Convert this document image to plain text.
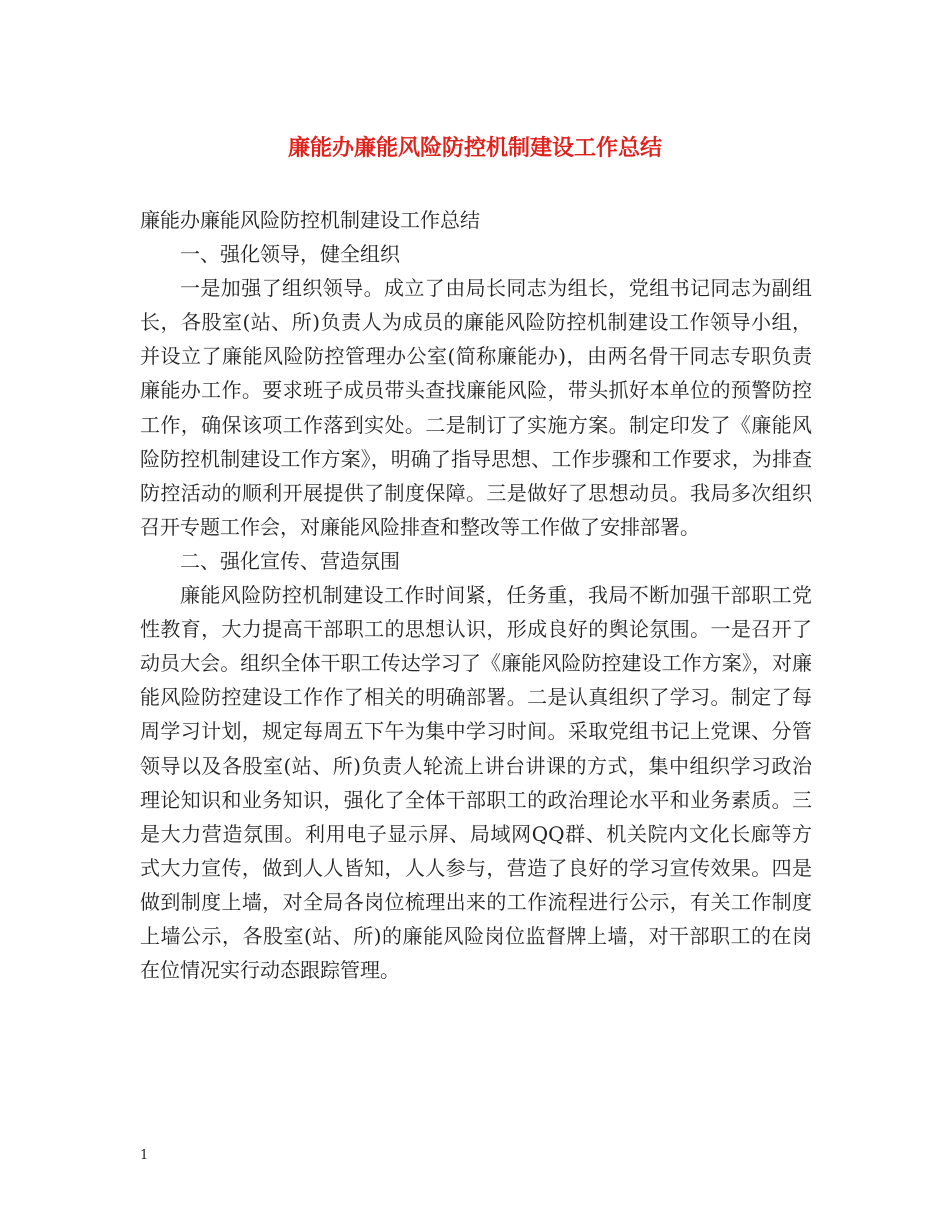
廉能办廉能风险防控机制建设工作总结

廉能办廉能风险防控机制建设工作总结

一、强化领导，健全组织

一是加强了组织领导。成立了由局长同志为组长，党组书记同志为副组长，各股室(站、所)负责人为成员的廉能风险防控机制建设工作领导小组，并设立了廉能风险防控管理办公室(简称廉能办)，由两名骨干同志专职负责廉能办工作。要求班子成员带头查找廉能风险，带头抓好本单位的预警防控工作，确保该项工作落到实处。二是制订了实施方案。制定印发了《廉能风险防控机制建设工作方案》，明确了指导思想、工作步骤和工作要求，为排查防控活动的顺利开展提供了制度保障。三是做好了思想动员。我局多次组织召开专题工作会，对廉能风险排查和整改等工作做了安排部署。

二、强化宣传、营造氛围

廉能风险防控机制建设工作时间紧，任务重，我局不断加强干部职工党性教育，大力提高干部职工的思想认识，形成良好的舆论氛围。一是召开了动员大会。组织全体干职工传达学习了《廉能风险防控建设工作方案》，对廉能风险防控建设工作作了相关的明确部署。二是认真组织了学习。制定了每周学习计划，规定每周五下午为集中学习时间。采取党组书记上党课、分管领导以及各股室(站、所)负责人轮流上讲台讲课的方式，集中组织学习政治理论知识和业务知识，强化了全体干部职工的政治理论水平和业务素质。三是大力营造氛围。利用电子显示屏、局域网QQ群、机关院内文化长廊等方式大力宣传，做到人人皆知，人人参与，营造了良好的学习宣传效果。四是做到制度上墙，对全局各岗位梳理出来的工作流程进行公示，有关工作制度上墙公示，各股室(站、所)的廉能风险岗位监督牌上墙，对干部职工的在岗在位情况实行动态跟踪管理。

1
